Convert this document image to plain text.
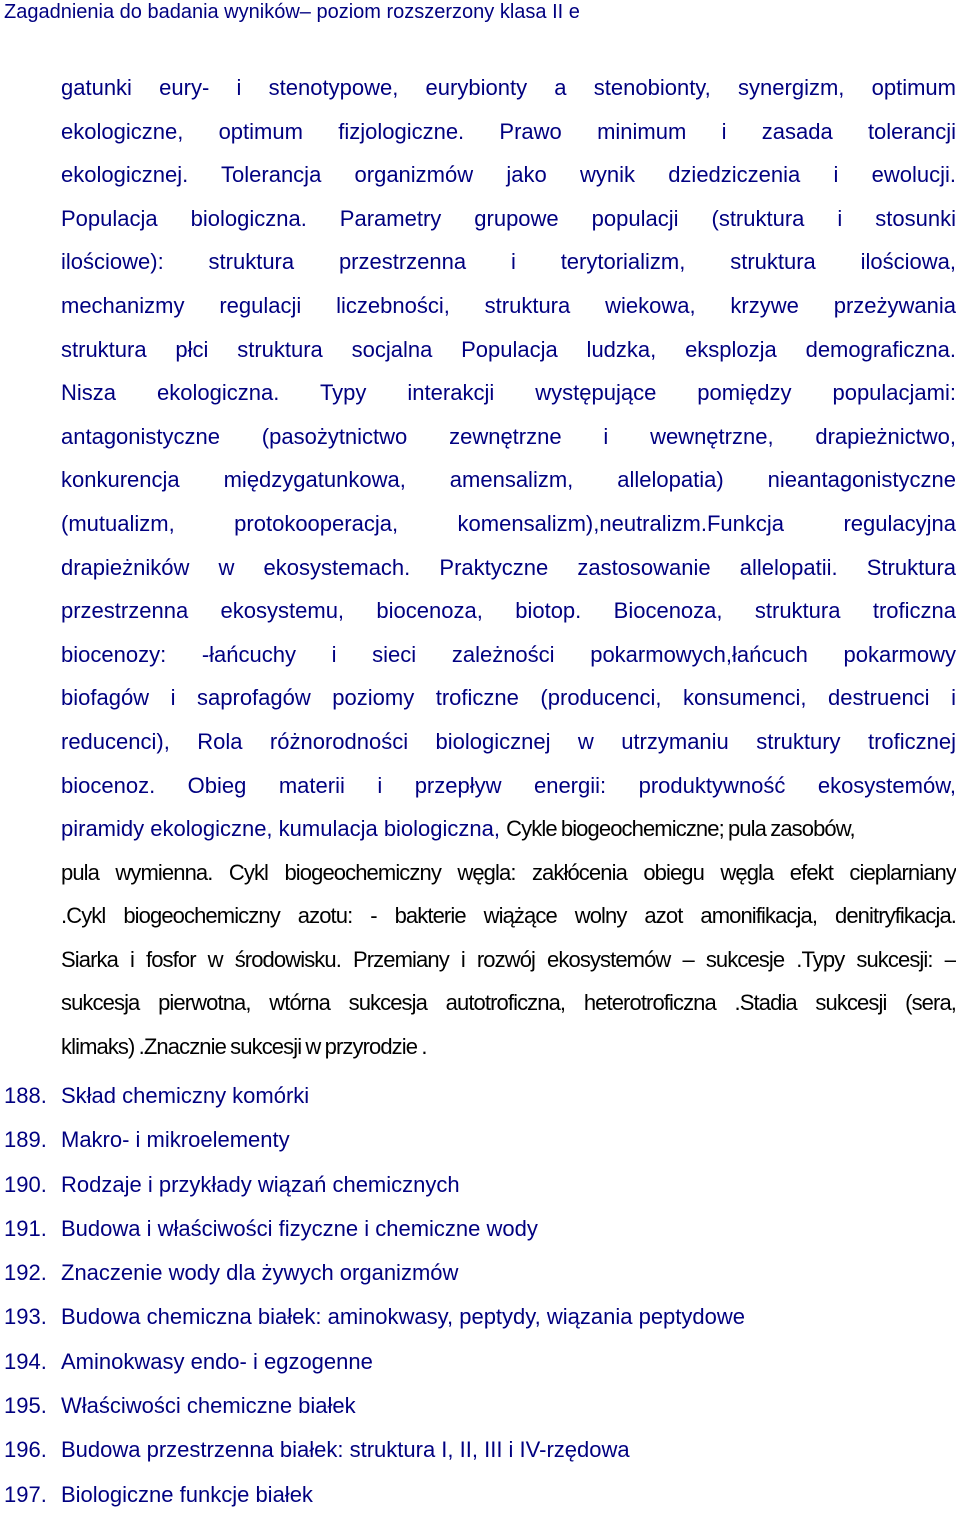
Zagadnienia do badania wyników– poziom rozszerzony klasa II e
gatunki eury- i stenotypowe, eurybionty a stenobionty, synergizm, optimum
ekologiczne, optimum fizjologiczne. Prawo minimum i zasada tolerancji
ekologicznej. Tolerancja organizmów jako wynik dziedziczenia i ewolucji.
Populacja biologiczna. Parametry grupowe populacji (struktura i stosunki
ilościowe): struktura przestrzenna i terytorializm, struktura ilościowa,
mechanizmy regulacji liczebności, struktura wiekowa, krzywe przeżywania
struktura płci struktura socjalna Populacja ludzka, eksplozja demograficzna.
Nisza ekologiczna. Typy interakcji występujące pomiędzy populacjami:
antagonistyczne (pasożytnictwo zewnętrzne i wewnętrzne, drapieżnictwo,
konkurencja międzygatunkowa, amensalizm, allelopatia) nieantagonistyczne
(mutualizm, protokooperacja, komensalizm),neutralizm.Funkcja regulacyjna
drapieżników w ekosystemach. Praktyczne zastosowanie allelopatii. Struktura
przestrzenna ekosystemu, biocenoza, biotop. Biocenoza, struktura troficzna
biocenozy: -łańcuchy i sieci zależności pokarmowych,łańcuch pokarmowy
biofagów i saprofagów poziomy troficzne (producenci, konsumenci, destruenci i
reducenci), Rola różnorodności biologicznej w utrzymaniu struktury troficznej
biocenoz. Obieg materii i przepływ energii: produktywność ekosystemów,
piramidy ekologiczne, kumulacja biologiczna, Cykle biogeochemiczne; pula zasobów,
pula wymienna. Cykl biogeochemiczny węgla: zakłócenia obiegu węgla efekt cieplarniany
.Cykl biogeochemiczny azotu: - bakterie wiążące wolny azot amonifikacja, denitryfikacja.
Siarka i fosfor w środowisku. Przemiany i rozwój ekosystemów – sukcesje .Typy sukcesji: –
sukcesja pierwotna, wtórna sukcesja autotroficzna, heterotroficzna .Stadia sukcesji (sera,
klimaks) .Znacznie sukcesji w przyrodzie .
188. Skład chemiczny komórki
189. Makro- i mikroelementy
190. Rodzaje i przykłady wiązań chemicznych
191. Budowa i właściwości fizyczne i chemiczne wody
192. Znaczenie wody dla żywych organizmów
193. Budowa chemiczna białek: aminokwasy, peptydy, wiązania peptydowe
194. Aminokwasy endo- i egzogenne
195. Właściwości chemiczne białek
196. Budowa przestrzenna białek: struktura I, II, III i IV-rzędowa
197. Biologiczne funkcje białek
